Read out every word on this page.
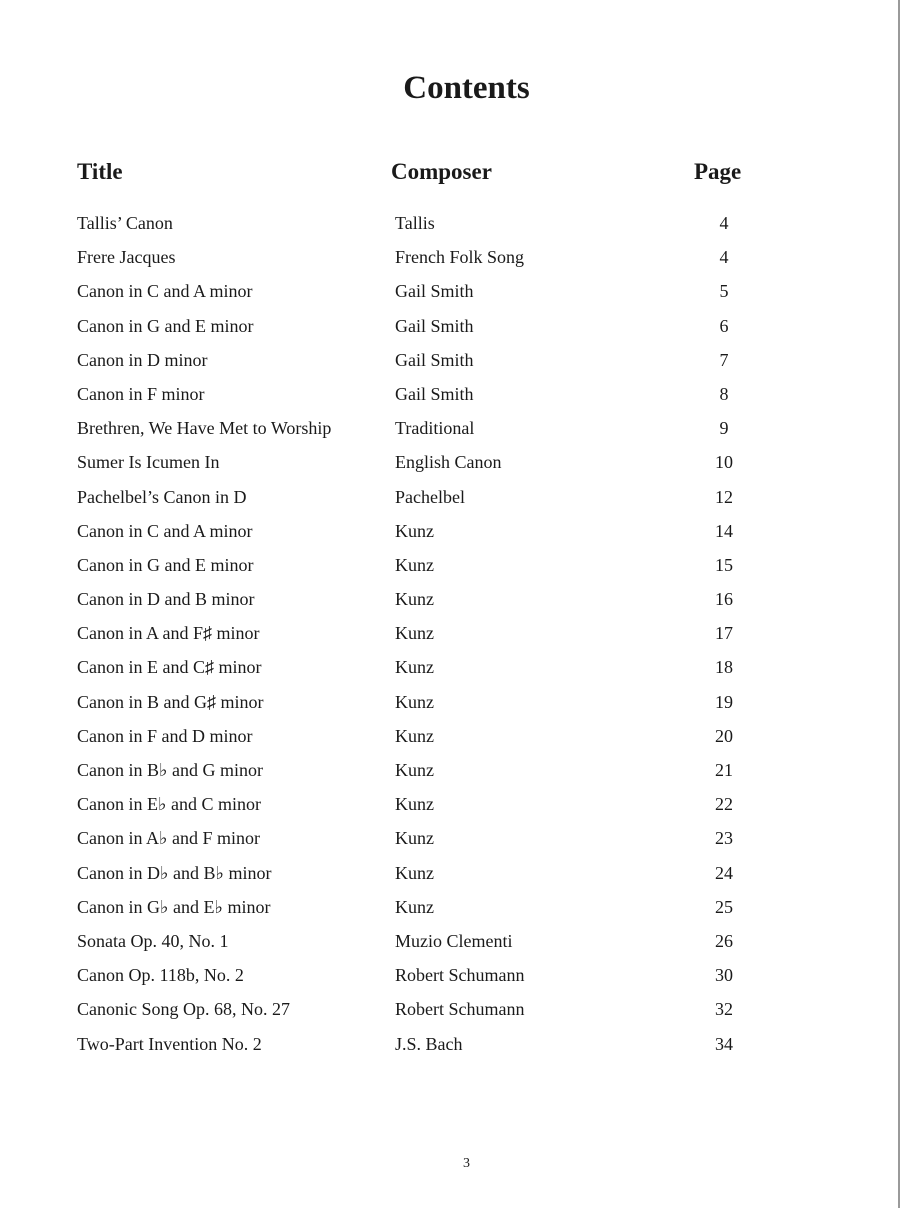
Contents
Title	Composer	Page
Tallis’ Canon	Tallis	4
Frere Jacques	French Folk Song	4
Canon in C and A minor	Gail Smith	5
Canon in G and E minor	Gail Smith	6
Canon in D minor	Gail Smith	7
Canon in F minor	Gail Smith	8
Brethren, We Have Met to Worship	Traditional	9
Sumer Is Icumen In	English Canon	10
Pachelbel’s Canon in D	Pachelbel	12
Canon in C and A minor	Kunz	14
Canon in G and E minor	Kunz	15
Canon in D and B minor	Kunz	16
Canon in A and F♯ minor	Kunz	17
Canon in E and C♯ minor	Kunz	18
Canon in B and G♯ minor	Kunz	19
Canon in F and D minor	Kunz	20
Canon in B♭ and G minor	Kunz	21
Canon in E♭ and C minor	Kunz	22
Canon in A♭ and F minor	Kunz	23
Canon in D♭ and B♭ minor	Kunz	24
Canon in G♭ and E♭ minor	Kunz	25
Sonata Op. 40, No. 1	Muzio Clementi	26
Canon Op. 118b, No. 2	Robert Schumann	30
Canonic Song Op. 68, No. 27	Robert Schumann	32
Two-Part Invention No. 2	J.S. Bach	34
3
